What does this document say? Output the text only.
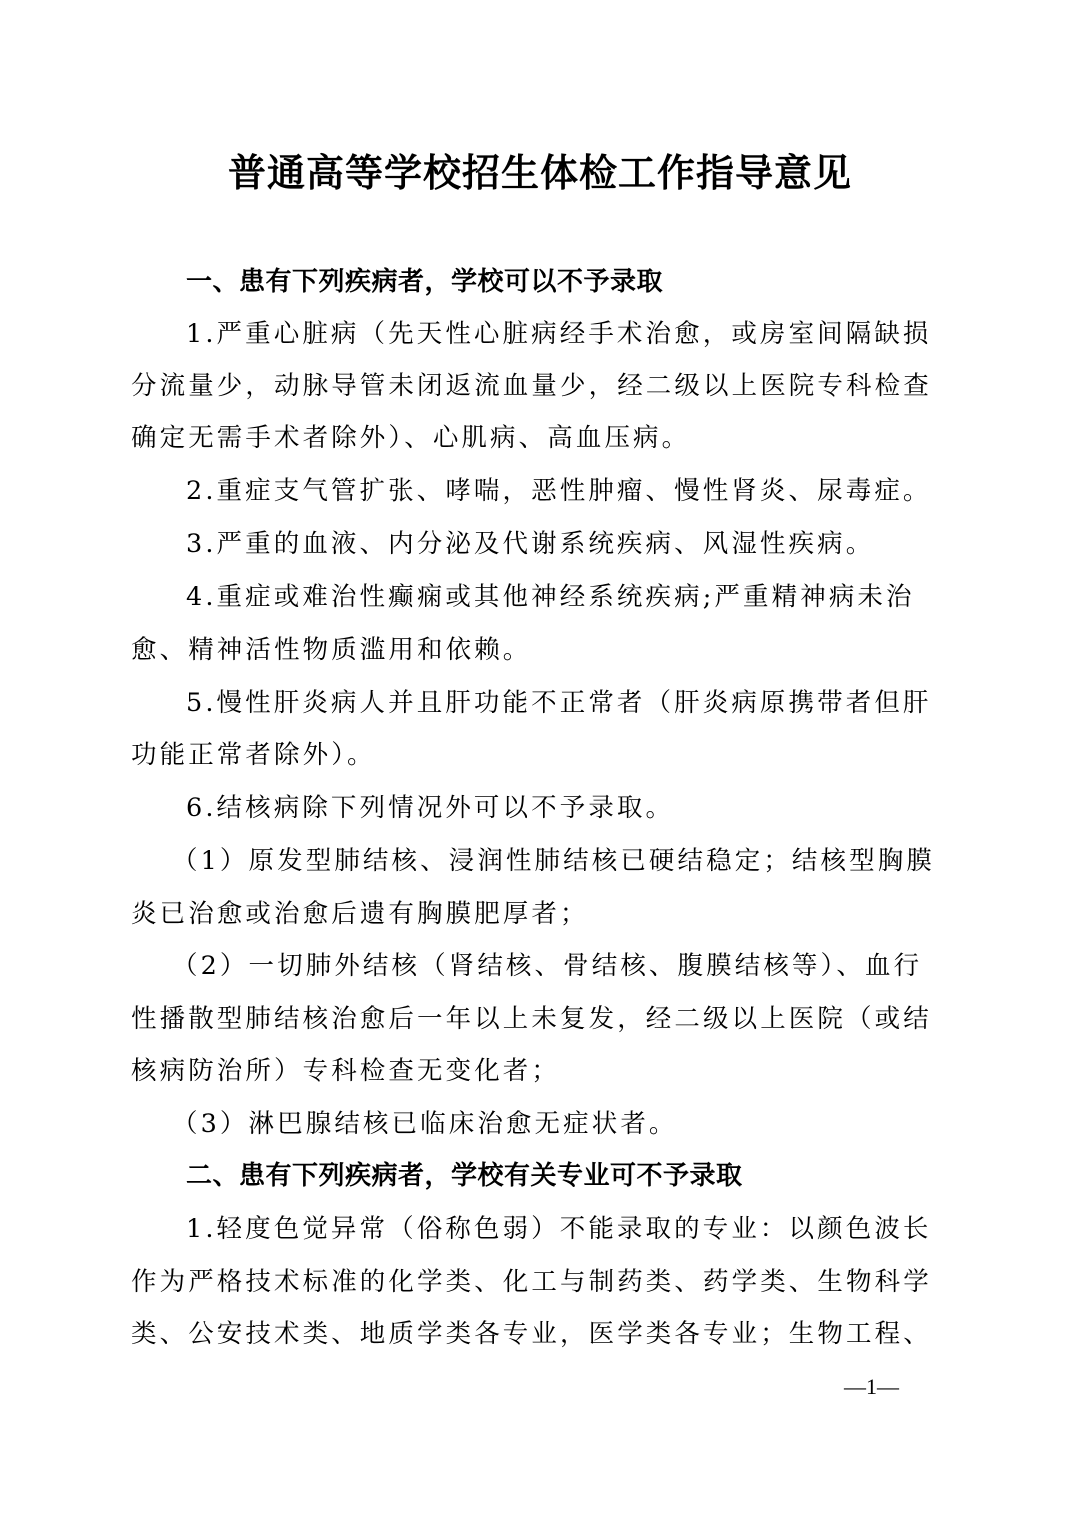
普通高等学校招生体检工作指导意见
一、患有下列疾病者，学校可以不予录取
1.严重心脏病（先天性心脏病经手术治愈，或房室间隔缺损
分流量少，动脉导管未闭返流血量少，经二级以上医院专科检查
确定无需手术者除外）、心肌病、高血压病。
2.重症支气管扩张、哮喘，恶性肿瘤、慢性肾炎、尿毒症。
3.严重的血液、内分泌及代谢系统疾病、风湿性疾病。
4.重症或难治性癫痫或其他神经系统疾病;严重精神病未治
愈、精神活性物质滥用和依赖。
5.慢性肝炎病人并且肝功能不正常者（肝炎病原携带者但肝
功能正常者除外）。
6.结核病除下列情况外可以不予录取。
（1）原发型肺结核、浸润性肺结核已硬结稳定；结核型胸膜
炎已治愈或治愈后遗有胸膜肥厚者；
（2）一切肺外结核（肾结核、骨结核、腹膜结核等）、血行
性播散型肺结核治愈后一年以上未复发，经二级以上医院（或结
核病防治所）专科检查无变化者；
（3）淋巴腺结核已临床治愈无症状者。
二、患有下列疾病者，学校有关专业可不予录取
1.轻度色觉异常（俗称色弱）不能录取的专业：以颜色波长
作为严格技术标准的化学类、化工与制药类、药学类、生物科学
类、公安技术类、地质学类各专业，医学类各专业；生物工程、
—1—
